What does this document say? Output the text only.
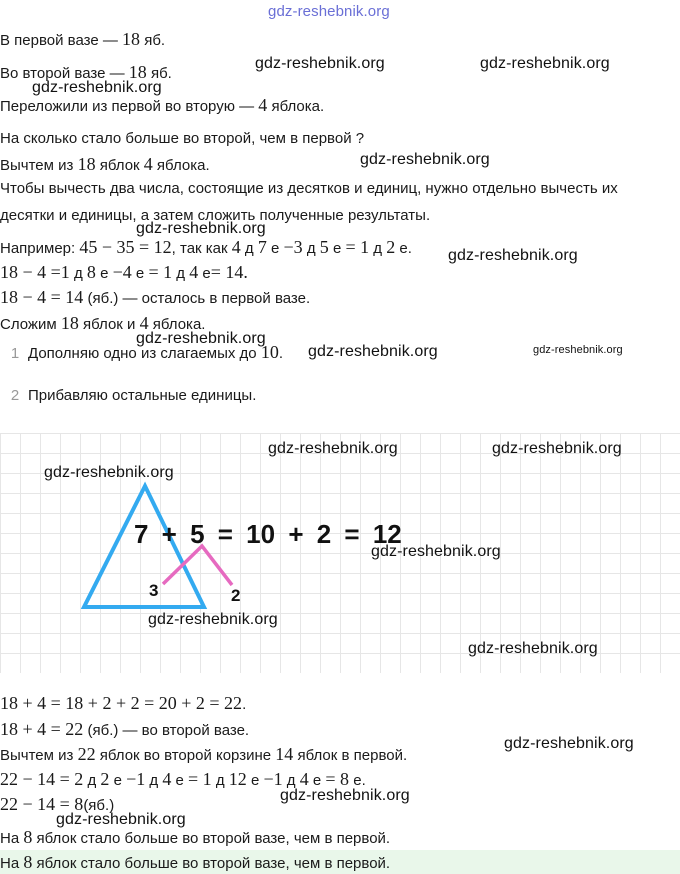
gdz-reshebnik.org
В первой вазе — 18 яб.
Во второй вазе — 18 яб.
gdz-reshebnik.org	gdz-reshebnik.org
gdz-reshebnik.org
Переложили из первой во вторую — 4 яблока.
На сколько стало больше во второй, чем в первой ?
Вычтем из 18 яблок 4 яблока.	gdz-reshebnik.org
Чтобы вычесть два числа, состоящие из десятков и единиц, нужно отдельно вычесть их
десятки и единицы, а затем сложить полученные результаты.
gdz-reshebnik.org
Например: 45 − 35 = 12, так как 4 д 7 е −3 д 5 е = 1 д 2 е. gdz-reshebnik.org
18 − 4 =1 д 8 е −4 е = 1 д 4 е= 14.
18 − 4 = 14 (яб.) — осталось в первой вазе.
Сложим 18 яблок и 4 яблока.
gdz-reshebnik.org
1 Дополняю одно из слагаемых до 10. gdz-reshebnik.org	gdz-reshebnik.org
2 Прибавляю остальные единицы.
7 + 5 = 10 + 2 = 12
3	2
gdz-reshebnik.org	gdz-reshebnik.org
gdz-reshebnik.org
gdz-reshebnik.org
gdz-reshebnik.org
gdz-reshebnik.org
18 + 4 = 18 + 2 + 2 = 20 + 2 = 22.
18 + 4 = 22 (яб.) — во второй вазе.
Вычтем из 22 яблок во второй корзине 14 яблок в первой.
gdz-reshebnik.org
22 − 14 = 2 д 2 е −1 д 4 е = 1 д 12 е −1 д 4 е = 8 е.
gdz-reshebnik.org
22 − 14 = 8(яб.)
gdz-reshebnik.org
На 8 яблок стало больше во второй вазе, чем в первой.
На 8 яблок стало больше во второй вазе, чем в первой.
